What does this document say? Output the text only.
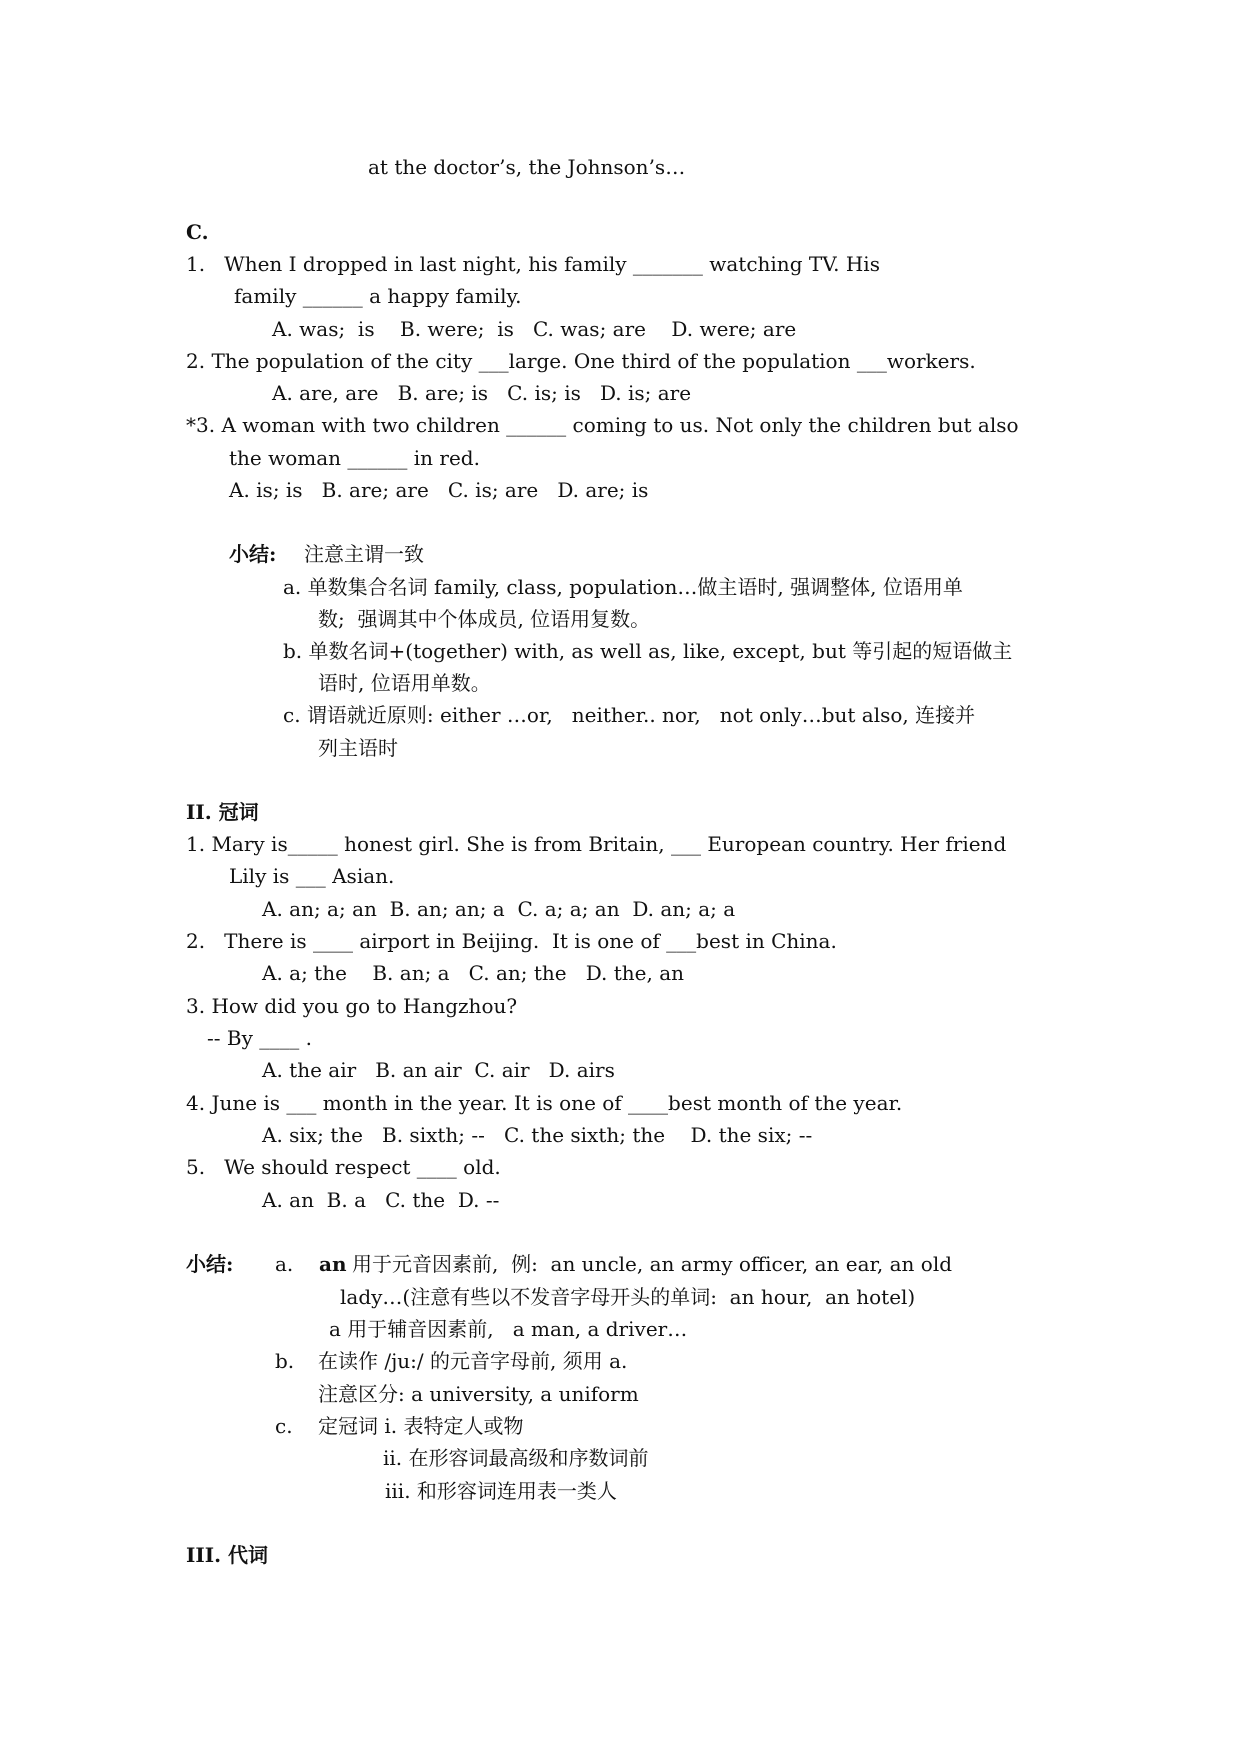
at the doctor’s, the Johnson’s…
C.
1.   When I dropped in last night, his family _______ watching TV. His
family ______ a happy family.
A. was;  is    B. were;  is   C. was; are    D. were; are
2. The population of the city ___large. One third of the population ___workers.
A. are, are   B. are; is   C. is; is   D. is; are
*3. A woman with two children ______ coming to us. Not only the children but also
the woman ______ in red.
A. is; is   B. are; are   C. is; are   D. are; is
小结: 注意主谓一致
a. 单数集合名词 family, class, population…做主语时, 强调整体, 位语用单
数;  强调其中个体成员, 位语用复数。
b. 单数名词+(together) with, as well as, like, except, but 等引起的短语做主
语时, 位语用单数。
c. 谓语就近原则: either …or,   neither.. nor,   not only…but also, 连接并
列主语时
II. 冠词
1. Mary is_____ honest girl. She is from Britain, ___ European country. Her friend
Lily is ___ Asian.
A. an; a; an  B. an; an; a  C. a; a; an  D. an; a; a
2.   There is ____ airport in Beijing.  It is one of ___best in China.
A. a; the    B. an; a   C. an; the   D. the, an
3. How did you go to Hangzhou?
-- By ____ .
A. the air   B. an air  C. air   D. airs
4. June is ___ month in the year. It is one of ____best month of the year.
A. six; the   B. sixth; --   C. the sixth; the    D. the six; --
5.   We should respect ____ old.
A. an  B. a   C. the  D. --
小结: a. an 用于元音因素前,  例:  an uncle, an army officer, an ear, an old
lady…(注意有些以不发音字母开头的单词:  an hour,  an hotel)
a 用于辅音因素前,   a man, a driver…
b. 在读作 /ju:/ 的元音字母前, 须用 a.
注意区分: a university, a uniform
c. 定冠词 i. 表特定人或物
ii. 在形容词最高级和序数词前
iii. 和形容词连用表一类人
III. 代词
